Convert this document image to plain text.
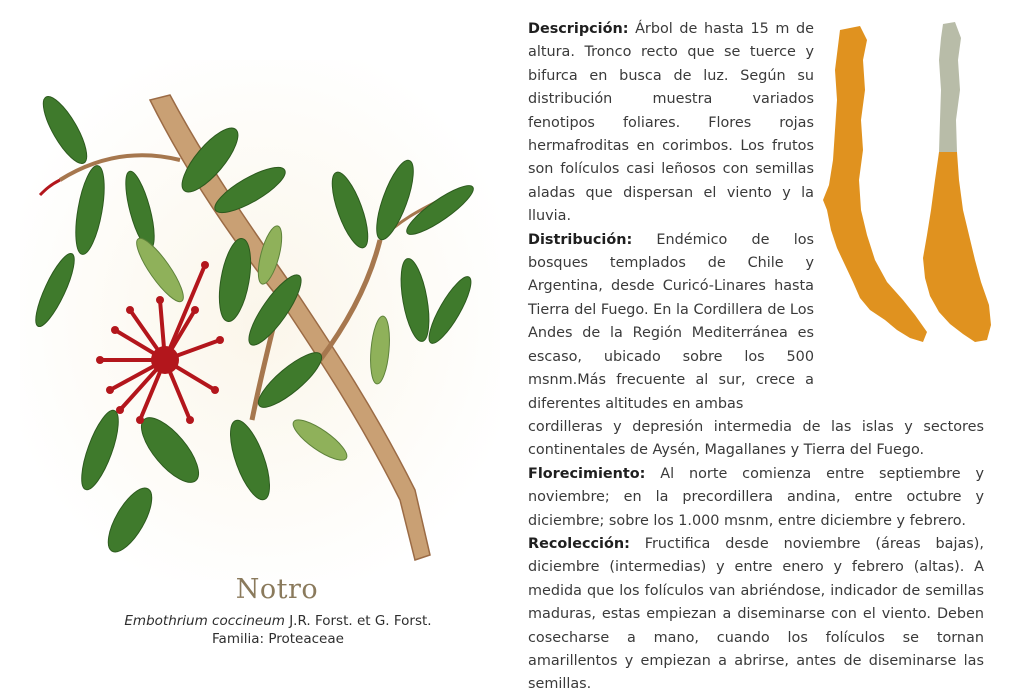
Notro
Embothrium coccineum J.R. Forst. et G. Forst.
Familia: Proteaceae

Descripción: Árbol de hasta 15 m de altura. Tronco recto que se tuerce y bifurca en busca de luz. Según su distribución muestra variados fenotipos foliares. Flores rojas hermafroditas en corimbos. Los frutos son folículos casi leñosos con semillas aladas que dispersan el viento y la lluvia.

Distribución: Endémico de los bosques templados de Chile y Argentina, desde Curicó-Linares hasta Tierra del Fuego. En la Cordillera de Los Andes de la Región Mediterránea es escaso, ubicado sobre los 500 msnm.Más frecuente al sur, crece a diferentes altitudes en ambas

cordilleras y depresión intermedia de las islas y sectores continentales de Aysén, Magallanes y Tierra del Fuego.

Florecimiento: Al norte comienza entre septiembre y noviembre; en la precordillera andina, entre octubre y diciembre; sobre los 1.000 msnm, entre diciembre y febrero.

Recolección: Fructifica desde noviembre (áreas bajas), diciembre (intermedias) y entre enero y febrero (altas). A medida que los folículos van abriéndose, indicador de semillas maduras, estas empiezan a diseminarse con el viento. Deben cosecharse a mano, cuando los folículos se tornan amarillentos y empiezan a abrirse, antes de diseminarse las semillas.
